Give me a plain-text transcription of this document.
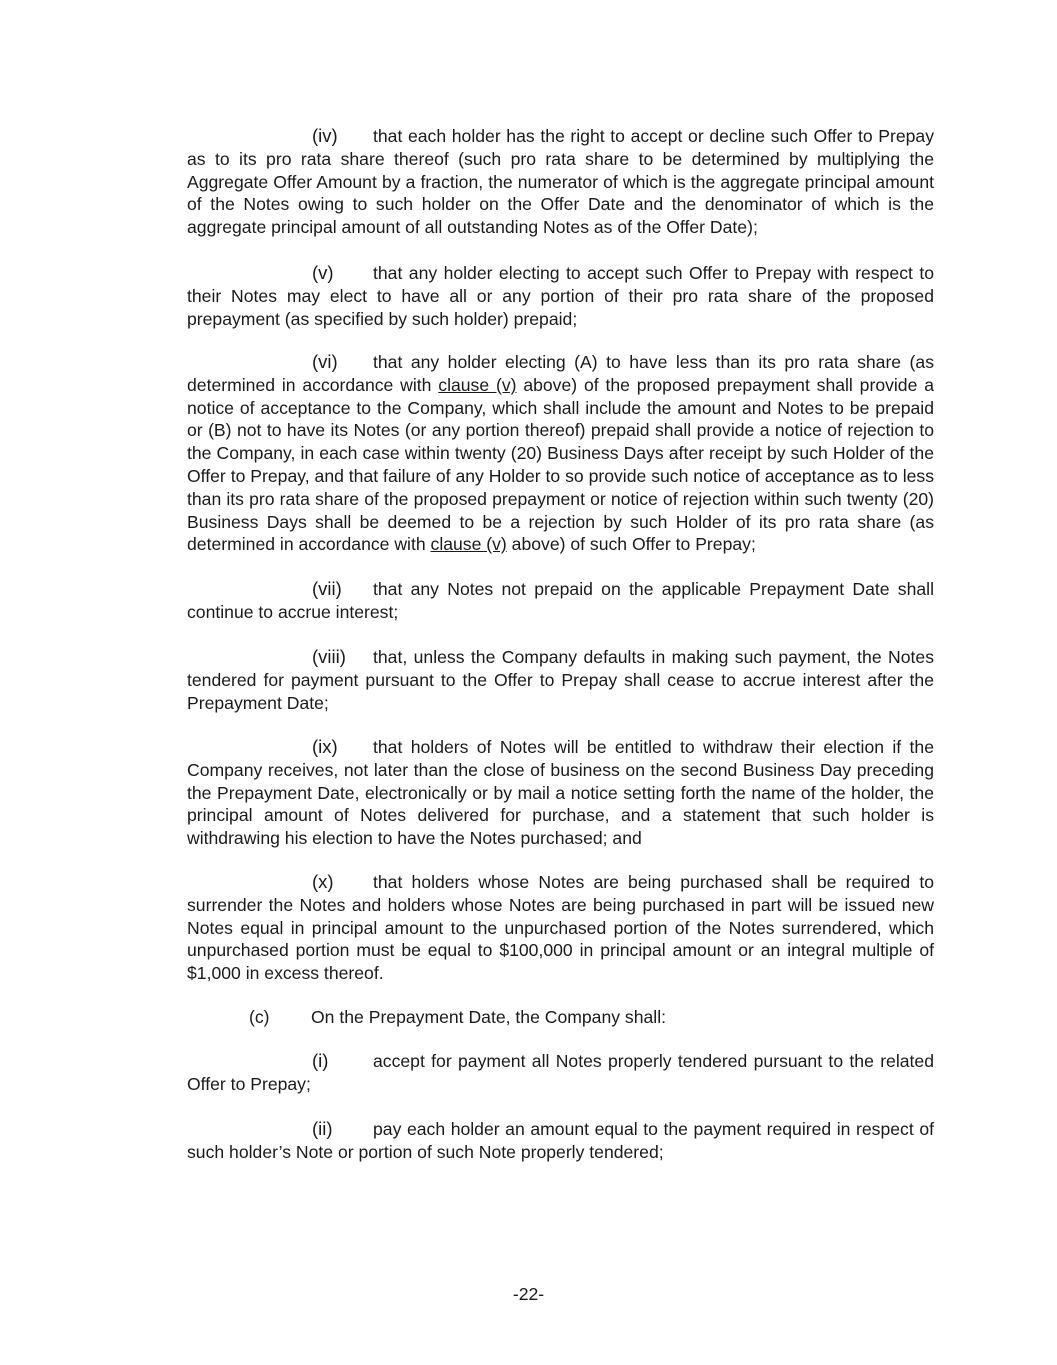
(iv) that each holder has the right to accept or decline such Offer to Prepay as to its pro rata share thereof (such pro rata share to be determined by multiplying the Aggregate Offer Amount by a fraction, the numerator of which is the aggregate principal amount of the Notes owing to such holder on the Offer Date and the denominator of which is the aggregate principal amount of all outstanding Notes as of the Offer Date);

(v) that any holder electing to accept such Offer to Prepay with respect to their Notes may elect to have all or any portion of their pro rata share of the proposed prepayment (as specified by such holder) prepaid;

(vi) that any holder electing (A) to have less than its pro rata share (as determined in accordance with clause (v) above) of the proposed prepayment shall provide a notice of acceptance to the Company, which shall include the amount and Notes to be prepaid or (B) not to have its Notes (or any portion thereof) prepaid shall provide a notice of rejection to the Company, in each case within twenty (20) Business Days after receipt by such Holder of the Offer to Prepay, and that failure of any Holder to so provide such notice of acceptance as to less than its pro rata share of the proposed prepayment or notice of rejection within such twenty (20) Business Days shall be deemed to be a rejection by such Holder of its pro rata share (as determined in accordance with clause (v) above) of such Offer to Prepay;

(vii) that any Notes not prepaid on the applicable Prepayment Date shall continue to accrue interest;

(viii) that, unless the Company defaults in making such payment, the Notes tendered for payment pursuant to the Offer to Prepay shall cease to accrue interest after the Prepayment Date;

(ix) that holders of Notes will be entitled to withdraw their election if the Company receives, not later than the close of business on the second Business Day preceding the Prepayment Date, electronically or by mail a notice setting forth the name of the holder, the principal amount of Notes delivered for purchase, and a statement that such holder is withdrawing his election to have the Notes purchased; and

(x) that holders whose Notes are being purchased shall be required to surrender the Notes and holders whose Notes are being purchased in part will be issued new Notes equal in principal amount to the unpurchased portion of the Notes surrendered, which unpurchased portion must be equal to $100,000 in principal amount or an integral multiple of $1,000 in excess thereof.

(c) On the Prepayment Date, the Company shall:

(i)	accept for payment all Notes properly tendered pursuant to the related Offer to Prepay;

(ii) pay each holder an amount equal to the payment required in respect of such holder’s Note or portion of such Note properly tendered;

-22-
